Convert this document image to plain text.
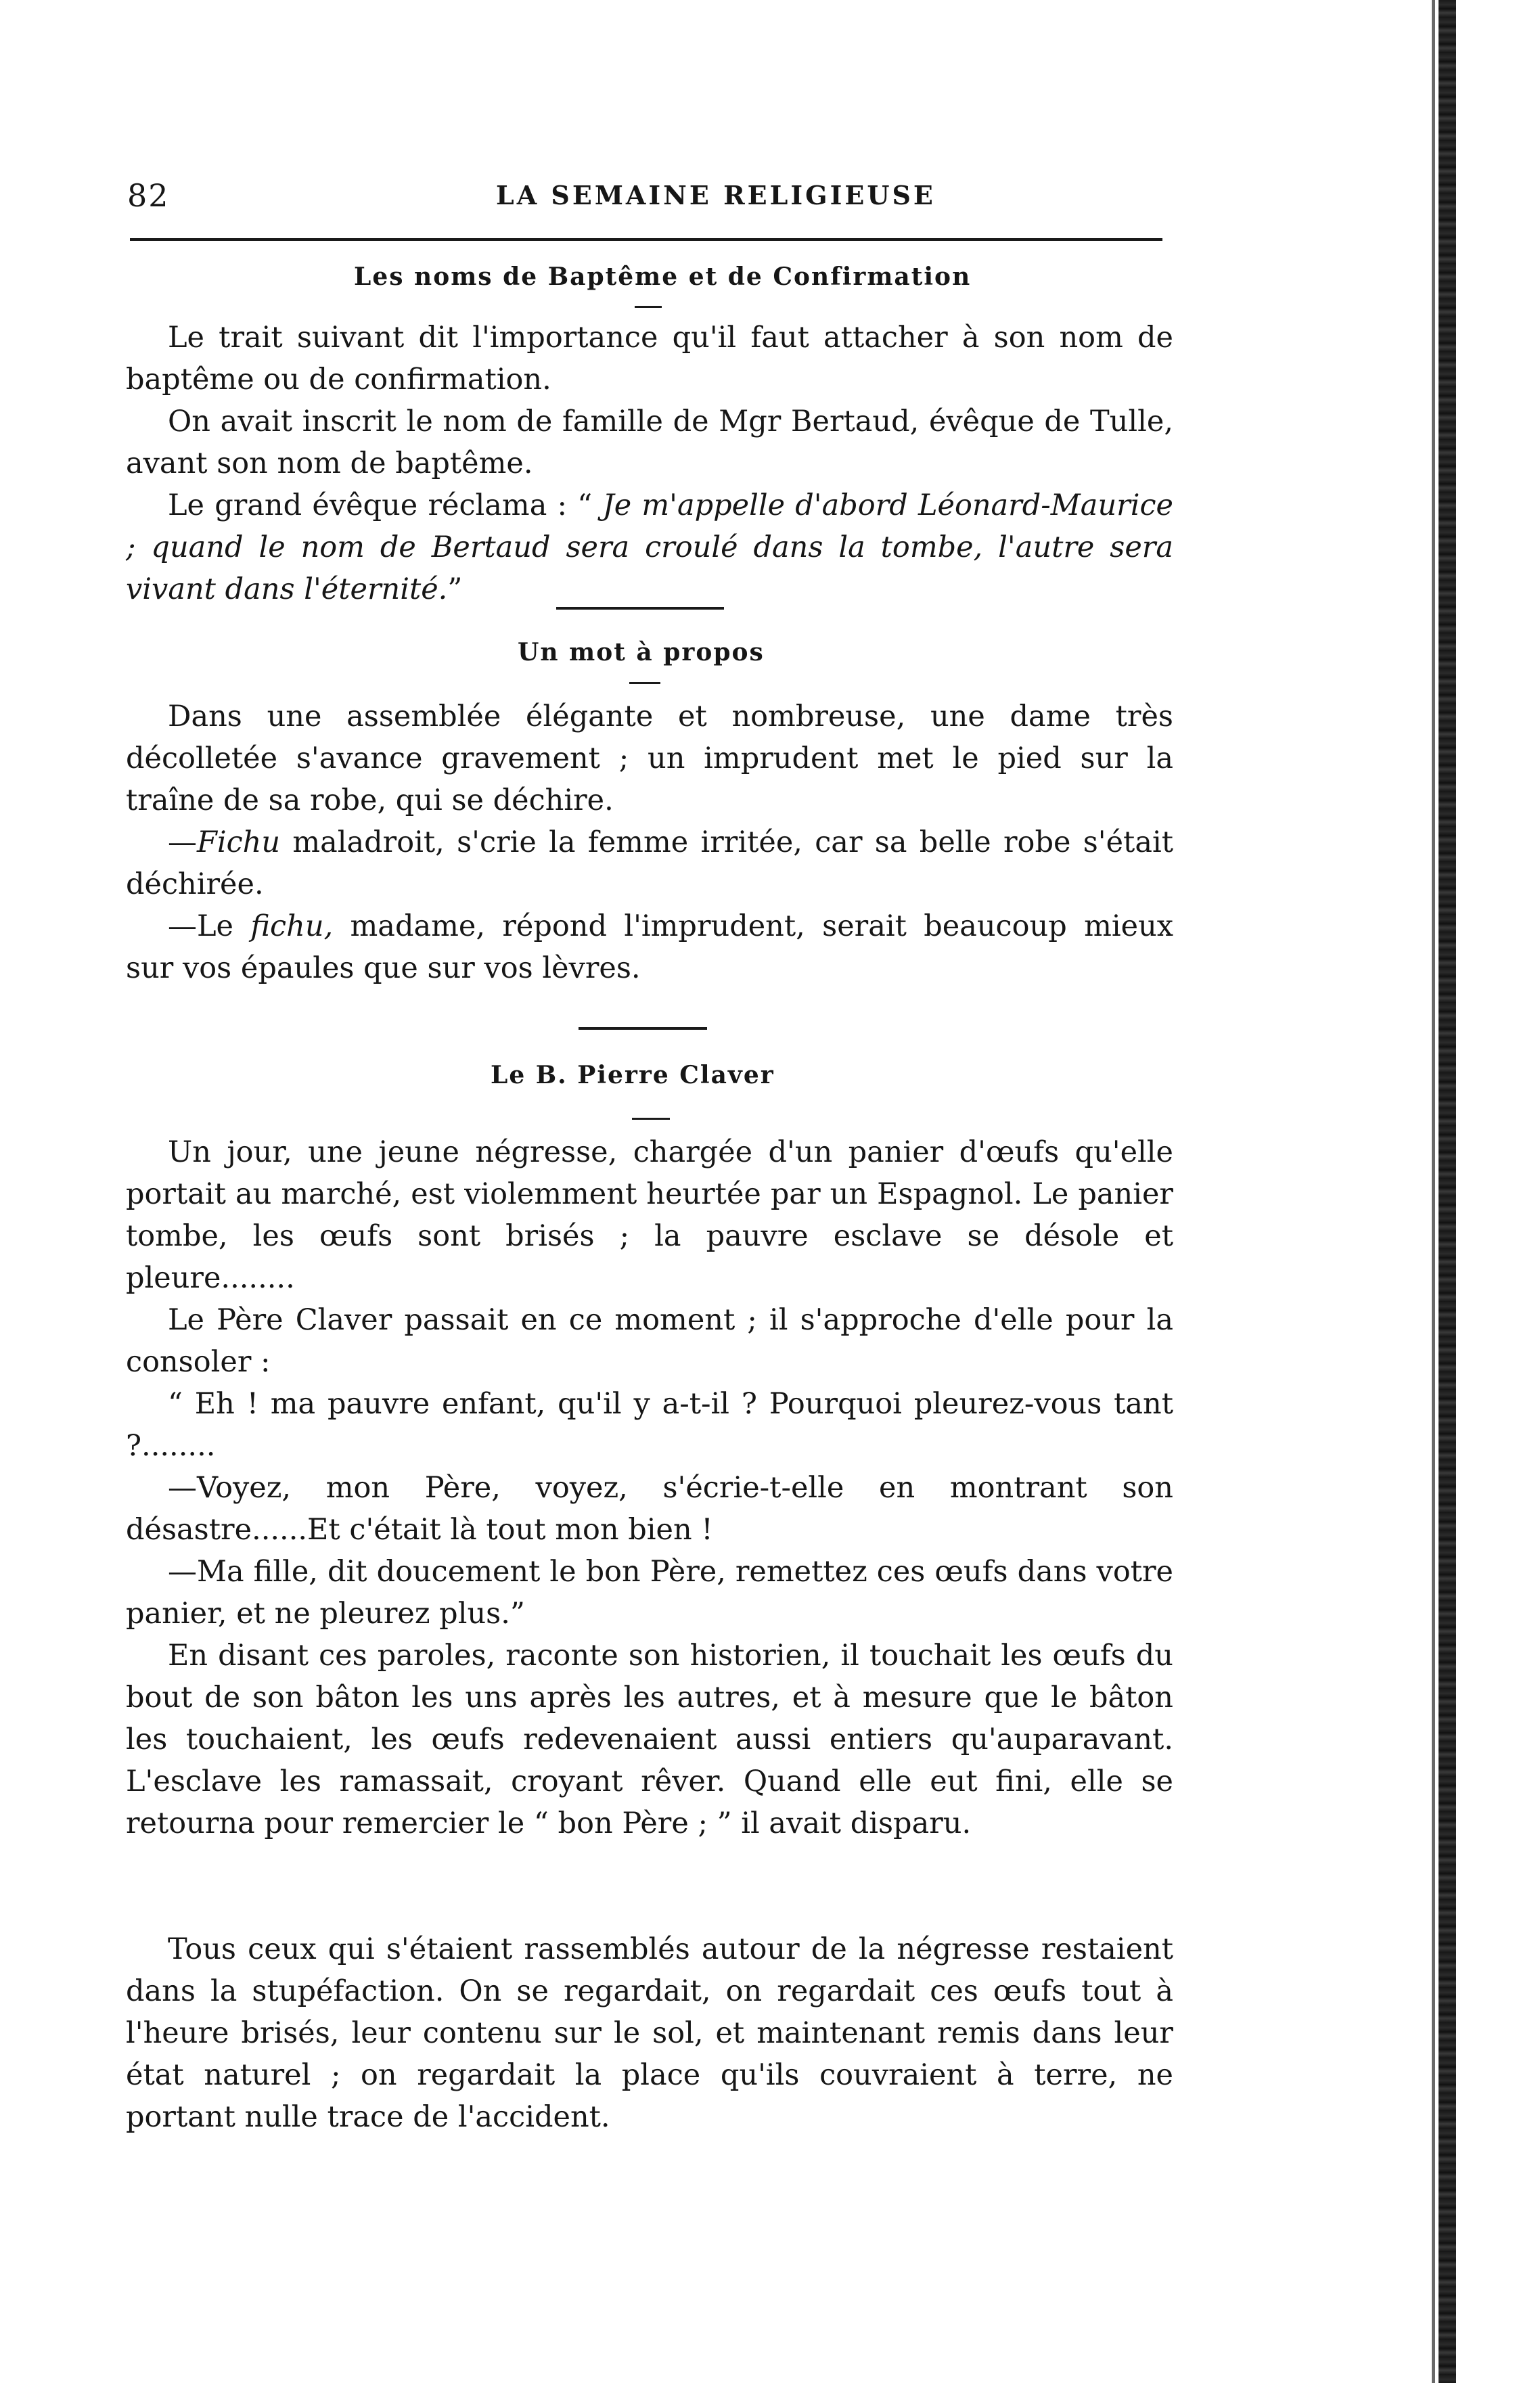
82	LA SEMAINE RELIGIEUSE
Les noms de Baptême et de Confirmation

Le trait suivant dit l'importance qu'il faut attacher à son nom de baptême ou de confirmation.

On avait inscrit le nom de famille de Mgr Bertaud, évêque de Tulle, avant son nom de baptême.

Le grand évêque réclama : “ Je m'appelle d'abord Léonard-Maurice ; quand le nom de Bertaud sera croulé dans la tombe, l'autre sera vivant dans l'éternité.”

Un mot à propos

Dans une assemblée élégante et nombreuse, une dame très décolletée s'avance gravement ; un imprudent met le pied sur la traîne de sa robe, qui se déchire.

—Fichu maladroit, s'crie la femme irritée, car sa belle robe s'était déchirée.

—Le fichu, madame, répond l'imprudent, serait beaucoup mieux sur vos épaules que sur vos lèvres.

Le B. Pierre Claver

Un jour, une jeune négresse, chargée d'un panier d'œufs qu'elle portait au marché, est violemment heurtée par un Espagnol. Le panier tombe, les œufs sont brisés ; la pauvre esclave se désole et pleure........

Le Père Claver passait en ce moment ; il s'approche d'elle pour la consoler :

“ Eh ! ma pauvre enfant, qu'il y a-t-il ? Pourquoi pleurez-vous tant ?........

—Voyez, mon Père, voyez, s'écrie-t-elle en montrant son désastre......Et c'était là tout mon bien !

—Ma fille, dit doucement le bon Père, remettez ces œufs dans votre panier, et ne pleurez plus.”

En disant ces paroles, raconte son historien, il touchait les œufs du bout de son bâton les uns après les autres, et à mesure que le bâton les touchaient, les œufs redevenaient aussi entiers qu'auparavant. L'esclave les ramassait, croyant rêver. Quand elle eut fini, elle se retourna pour remercier le “ bon Père ; ” il avait disparu.

Tous ceux qui s'étaient rassemblés autour de la négresse restaient dans la stupéfaction. On se regardait, on regardait ces œufs tout à l'heure brisés, leur contenu sur le sol, et maintenant remis dans leur état naturel ; on regardait la place qu'ils couvraient à terre, ne portant nulle trace de l'accident.
